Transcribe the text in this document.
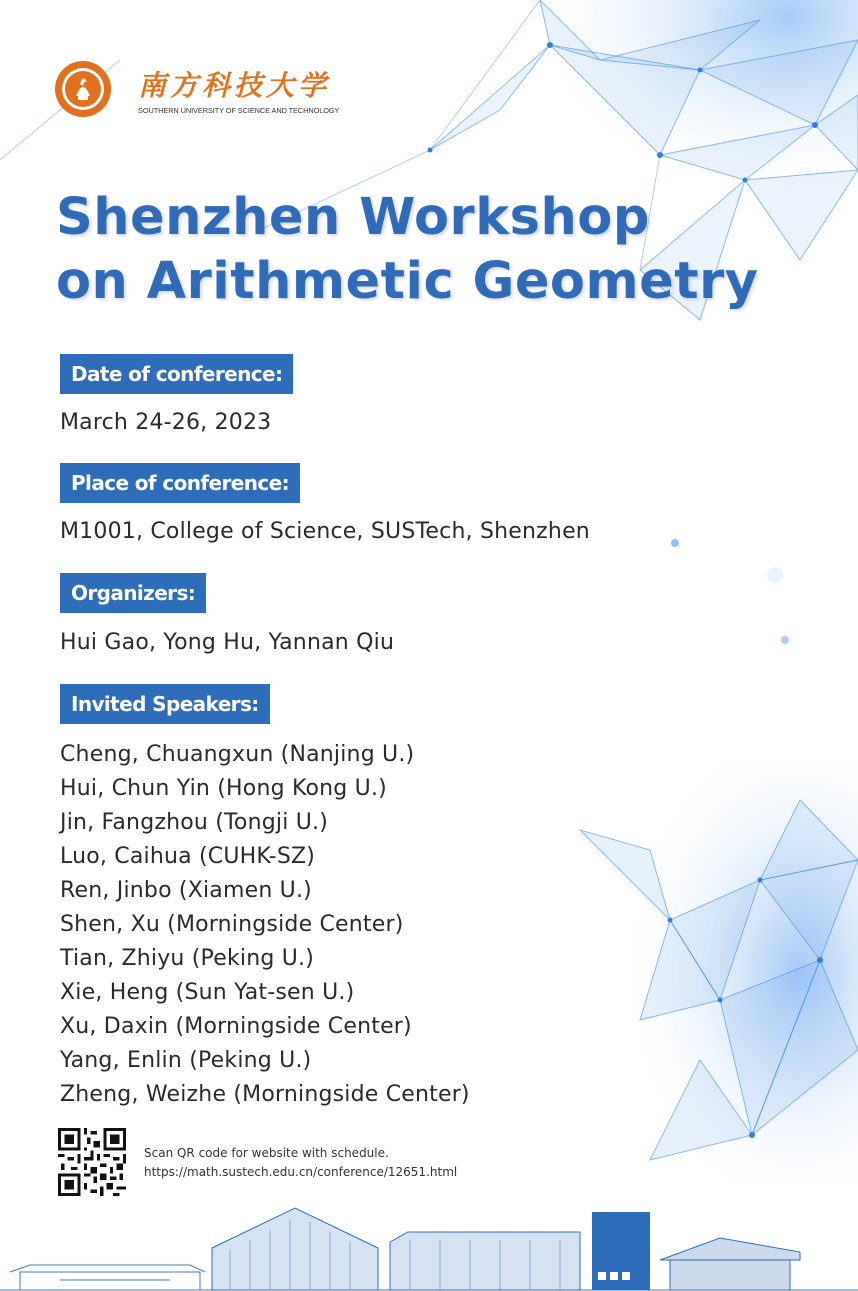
南方科技大学
SOUTHERN UNIVERSITY OF SCIENCE AND TECHNOLOGY
Shenzhen Workshop
on Arithmetic Geometry
Date of conference:
March 24-26, 2023
Place of conference:
M1001, College of Science, SUSTech, Shenzhen
Organizers:
Hui Gao, Yong Hu, Yannan Qiu
Invited Speakers:
Cheng, Chuangxun (Nanjing U.)
Hui, Chun Yin (Hong Kong U.)
Jin, Fangzhou (Tongji U.)
Luo, Caihua (CUHK-SZ)
Ren, Jinbo (Xiamen U.)
Shen, Xu (Morningside Center)
Tian, Zhiyu (Peking U.)
Xie, Heng (Sun Yat-sen U.)
Xu, Daxin (Morningside Center)
Yang, Enlin (Peking U.)
Zheng, Weizhe (Morningside Center)
Scan QR code for website with schedule.
https://math.sustech.edu.cn/conference/12651.html
